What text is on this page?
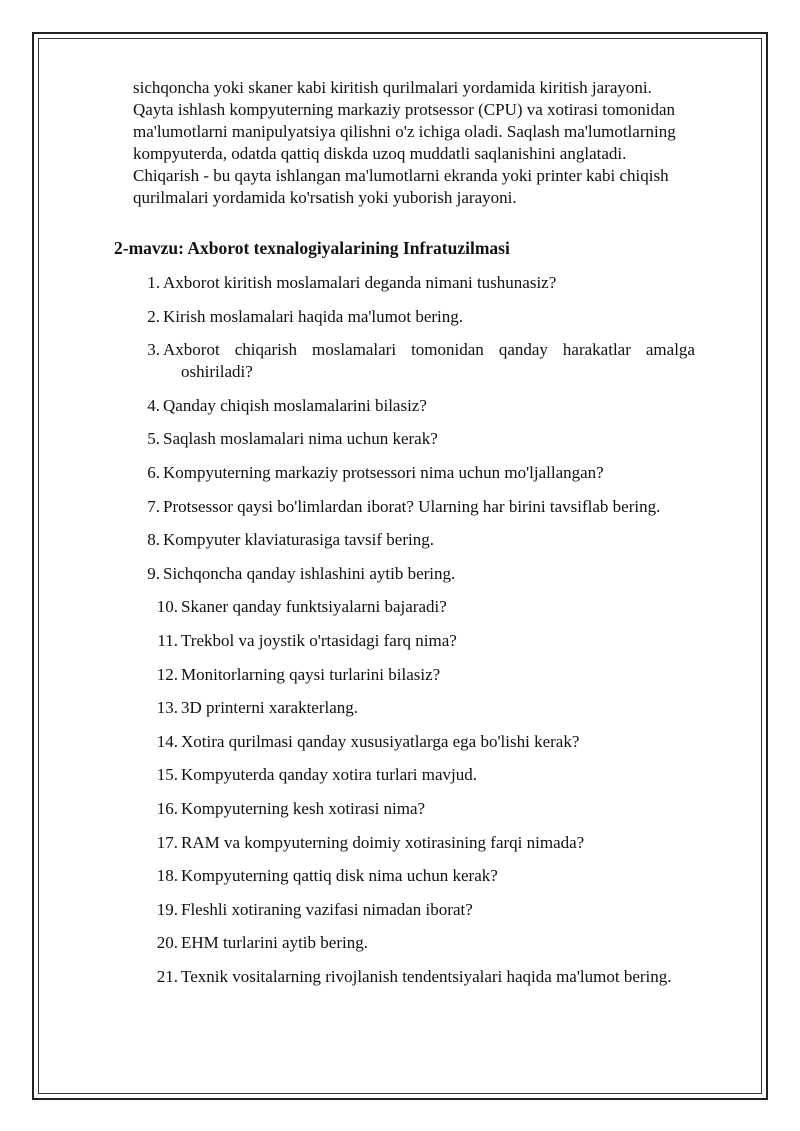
sichqoncha yoki skaner kabi kiritish qurilmalari yordamida kiritish jarayoni.
Qayta ishlash kompyuterning markaziy protsessor (CPU) va xotirasi tomonidan
ma'lumotlarni manipulyatsiya qilishni o'z ichiga oladi. Saqlash ma'lumotlarning
kompyuterda, odatda qattiq diskda uzoq muddatli saqlanishini anglatadi.
Chiqarish - bu qayta ishlangan ma'lumotlarni ekranda yoki printer kabi chiqish
qurilmalari yordamida ko'rsatish yoki yuborish jarayoni.

2-mavzu: Axborot texnalogiyalarining Infratuzilmasi
1. Axborot kiritish moslamalari deganda nimani tushunasiz?
2. Kirish moslamalari haqida ma'lumot bering.
3. Axborot chiqarish moslamalari tomonidan qanday harakatlar amalga
oshiriladi?
4. Qanday chiqish moslamalarini bilasiz?
5. Saqlash moslamalari nima uchun kerak?
6. Kompyuterning markaziy protsessori nima uchun mo'ljallangan?
7. Protsessor qaysi bo'limlardan iborat? Ularning har birini tavsiflab bering.
8. Kompyuter klaviaturasiga tavsif bering.
9. Sichqoncha qanday ishlashini aytib bering.
10. Skaner qanday funktsiyalarni bajaradi?
11. Trekbol va joystik o'rtasidagi farq nima?
12. Monitorlarning qaysi turlarini bilasiz?
13. 3D printerni xarakterlang.
14. Xotira qurilmasi qanday xususiyatlarga ega bo'lishi kerak?
15. Kompyuterda qanday xotira turlari mavjud.
16. Kompyuterning kesh xotirasi nima?
17. RAM va kompyuterning doimiy xotirasining farqi nimada?
18. Kompyuterning qattiq disk nima uchun kerak?
19. Fleshli xotiraning vazifasi nimadan iborat?
20. EHM turlarini aytib bering.
21. Texnik vositalarning rivojlanish tendentsiyalari haqida ma'lumot bering.
